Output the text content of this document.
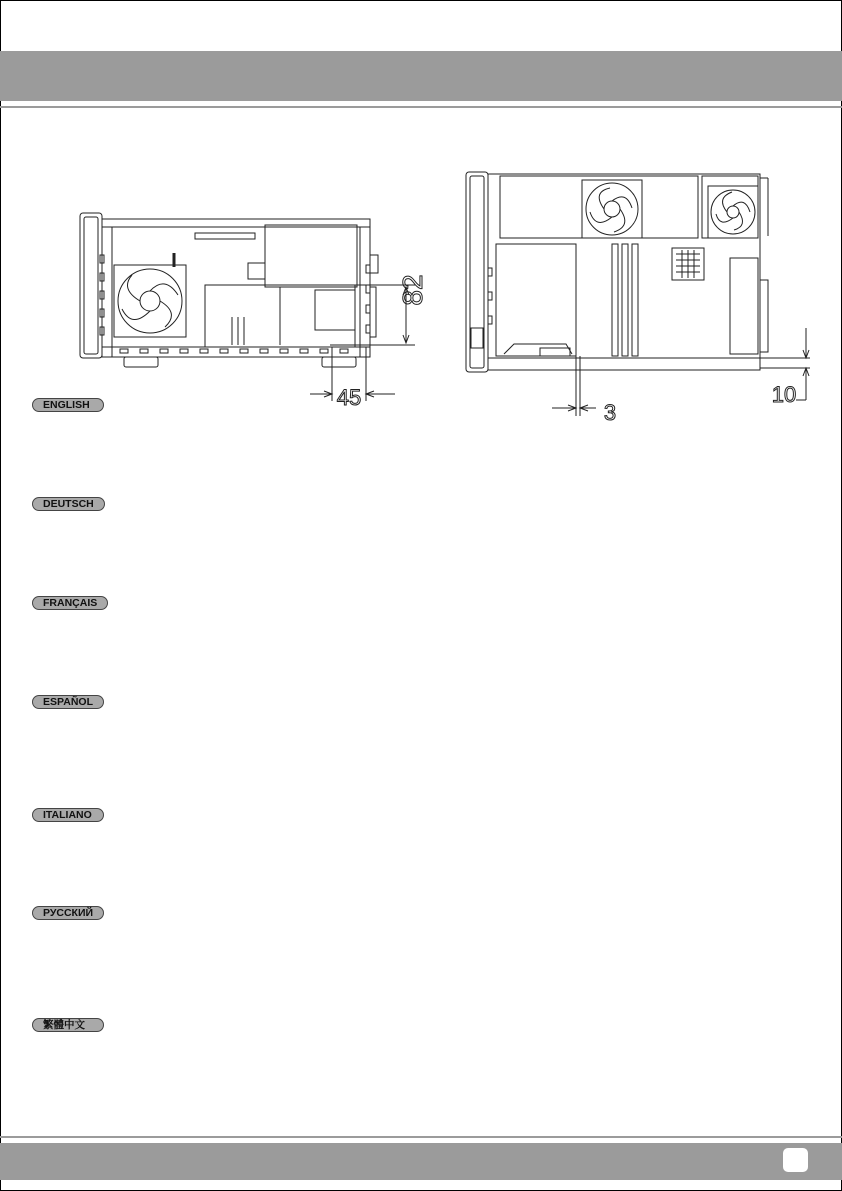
82
45
3
10
ENGLISH
DEUTSCH
FRANÇAIS
ESPAÑOL
ITALIANO
РУССКИЙ
繁體中文
